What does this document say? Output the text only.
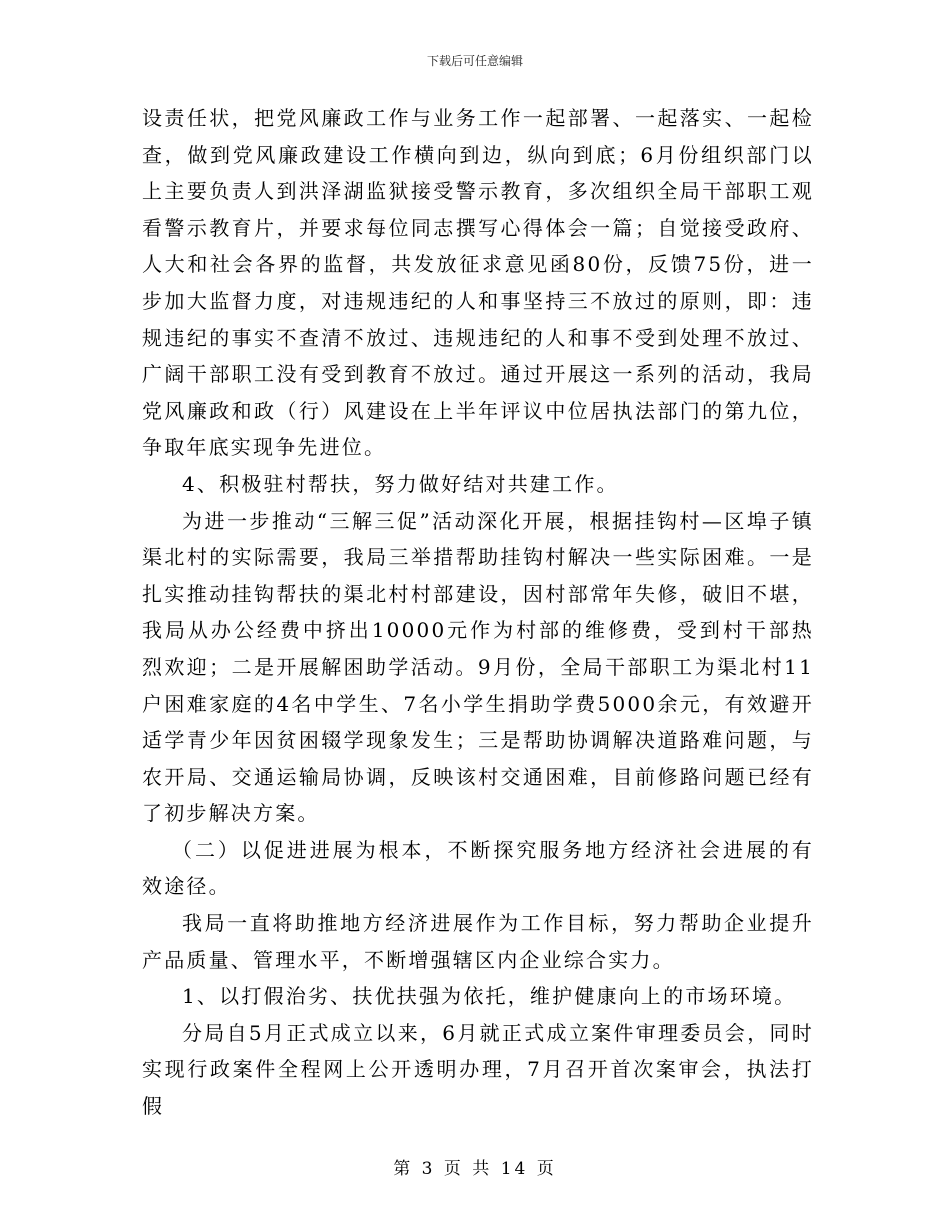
下载后可任意编辑

设责任状，把党风廉政工作与业务工作一起部署、一起落实、一起检查，做到党风廉政建设工作横向到边，纵向到底；6月份组织部门以上主要负责人到洪泽湖监狱接受警示教育，多次组织全局干部职工观看警示教育片，并要求每位同志撰写心得体会一篇；自觉接受政府、人大和社会各界的监督，共发放征求意见函80份，反馈75份，进一步加大监督力度，对违规违纪的人和事坚持三不放过的原则，即：违规违纪的事实不查清不放过、违规违纪的人和事不受到处理不放过、广阔干部职工没有受到教育不放过。通过开展这一系列的活动，我局党风廉政和政（行）风建设在上半年评议中位居执法部门的第九位，争取年底实现争先进位。

4、积极驻村帮扶，努力做好结对共建工作。

为进一步推动“三解三促”活动深化开展，根据挂钩村—区埠子镇渠北村的实际需要，我局三举措帮助挂钩村解决一些实际困难。一是扎实推动挂钩帮扶的渠北村村部建设，因村部常年失修，破旧不堪，我局从办公经费中挤出10000元作为村部的维修费，受到村干部热烈欢迎；二是开展解困助学活动。9月份，全局干部职工为渠北村11户困难家庭的4名中学生、7名小学生捐助学费5000余元，有效避开适学青少年因贫困辍学现象发生；三是帮助协调解决道路难问题，与农开局、交通运输局协调，反映该村交通困难，目前修路问题已经有了初步解决方案。

（二）以促进进展为根本，不断探究服务地方经济社会进展的有效途径。

我局一直将助推地方经济进展作为工作目标，努力帮助企业提升产品质量、管理水平，不断增强辖区内企业综合实力。

1、以打假治劣、扶优扶强为依托，维护健康向上的市场环境。

分局自5月正式成立以来，6月就正式成立案件审理委员会，同时实现行政案件全程网上公开透明办理，7月召开首次案审会，执法打假

第 3 页 共 14 页
